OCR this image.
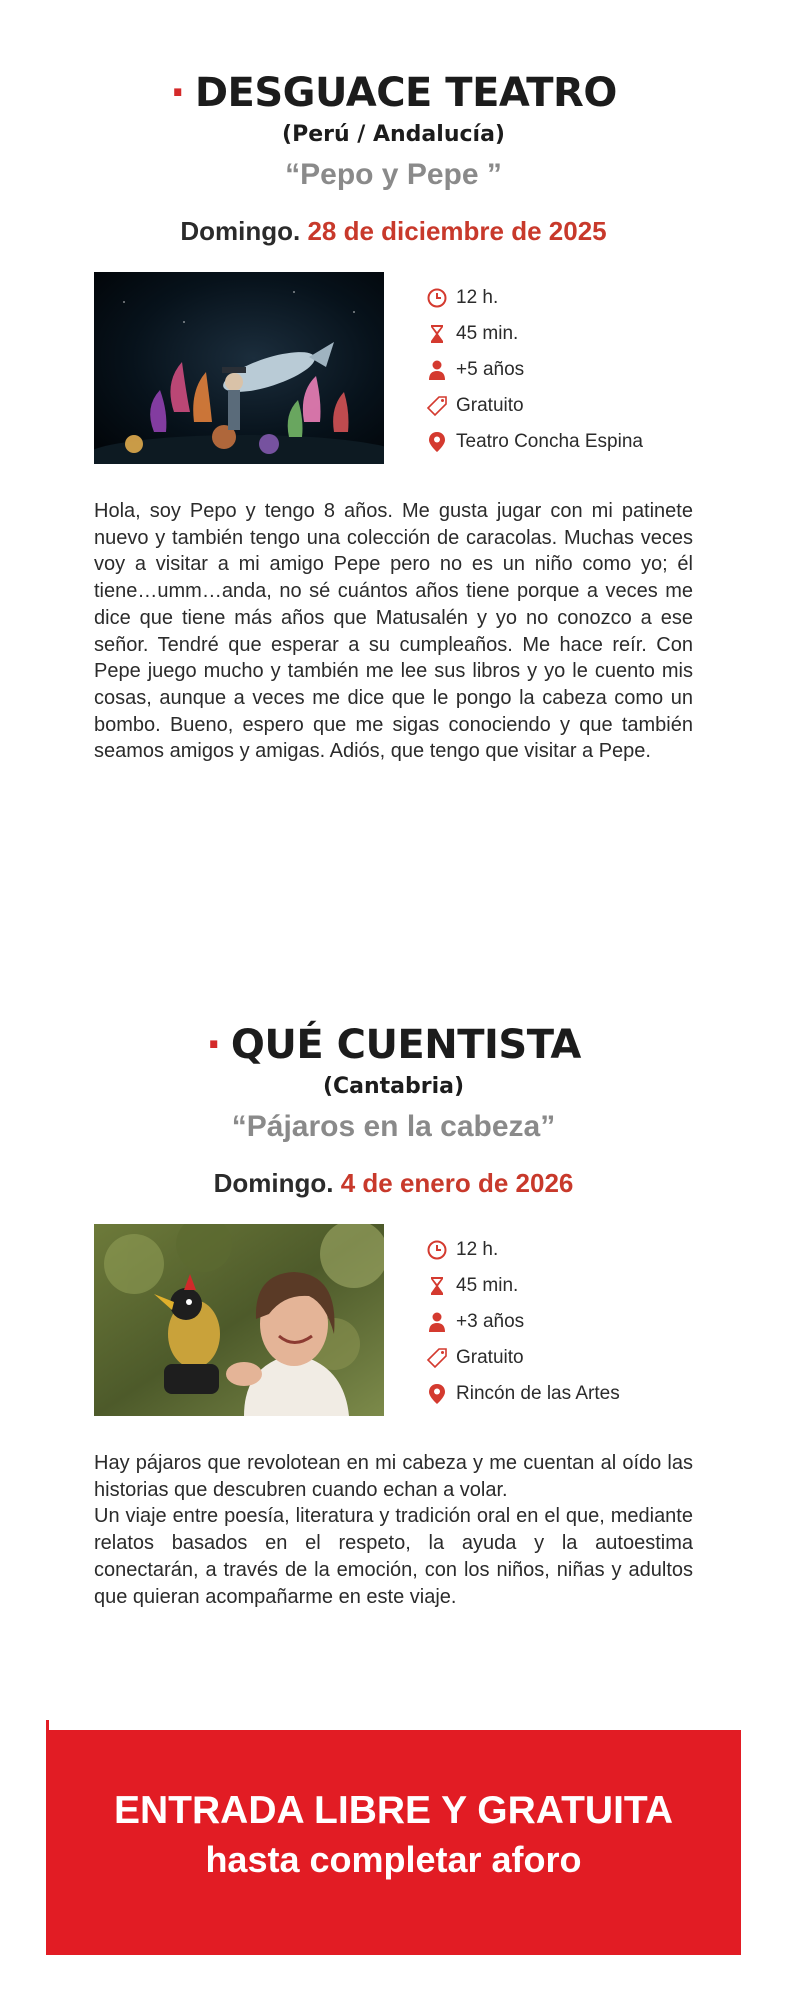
· DESGUACE TEATRO
(Perú / Andalucía)
“Pepo y Pepe ”
Domingo. 28 de diciembre de 2025
12 h.
45 min.
+5 años
Gratuito
Teatro Concha Espina

Hola, soy Pepo y tengo 8 años. Me gusta jugar con mi patinete nuevo y también tengo una colección de caracolas. Muchas veces voy a visitar a mi amigo Pepe pero no es un niño como yo; él tiene…umm…anda, no sé cuántos años tiene porque a veces me dice que tiene más años que Matusalén y yo no conozco a ese señor. Tendré que esperar a su cumpleaños. Me hace reír. Con Pepe juego mucho y también me lee sus libros y yo le cuento mis cosas, aunque a veces me dice que le pongo la cabeza como un bombo. Bueno, espero que me sigas conociendo y que también seamos amigos y amigas. Adiós, que tengo que visitar a Pepe.

· QUÉ CUENTISTA
(Cantabria)
“Pájaros en la cabeza”
Domingo. 4 de enero de 2026
12 h.
45 min.
+3 años
Gratuito
Rincón de las Artes

Hay pájaros que revolotean en mi cabeza y me cuentan al oído las historias que descubren cuando echan a volar.

Un viaje entre poesía, literatura y tradición oral en el que, mediante relatos basados en el respeto, la ayuda y la autoestima conectarán, a través de la emoción, con los niños, niñas y adultos que quieran acompañarme en este viaje.

ENTRADA LIBRE Y GRATUITA

hasta completar aforo
